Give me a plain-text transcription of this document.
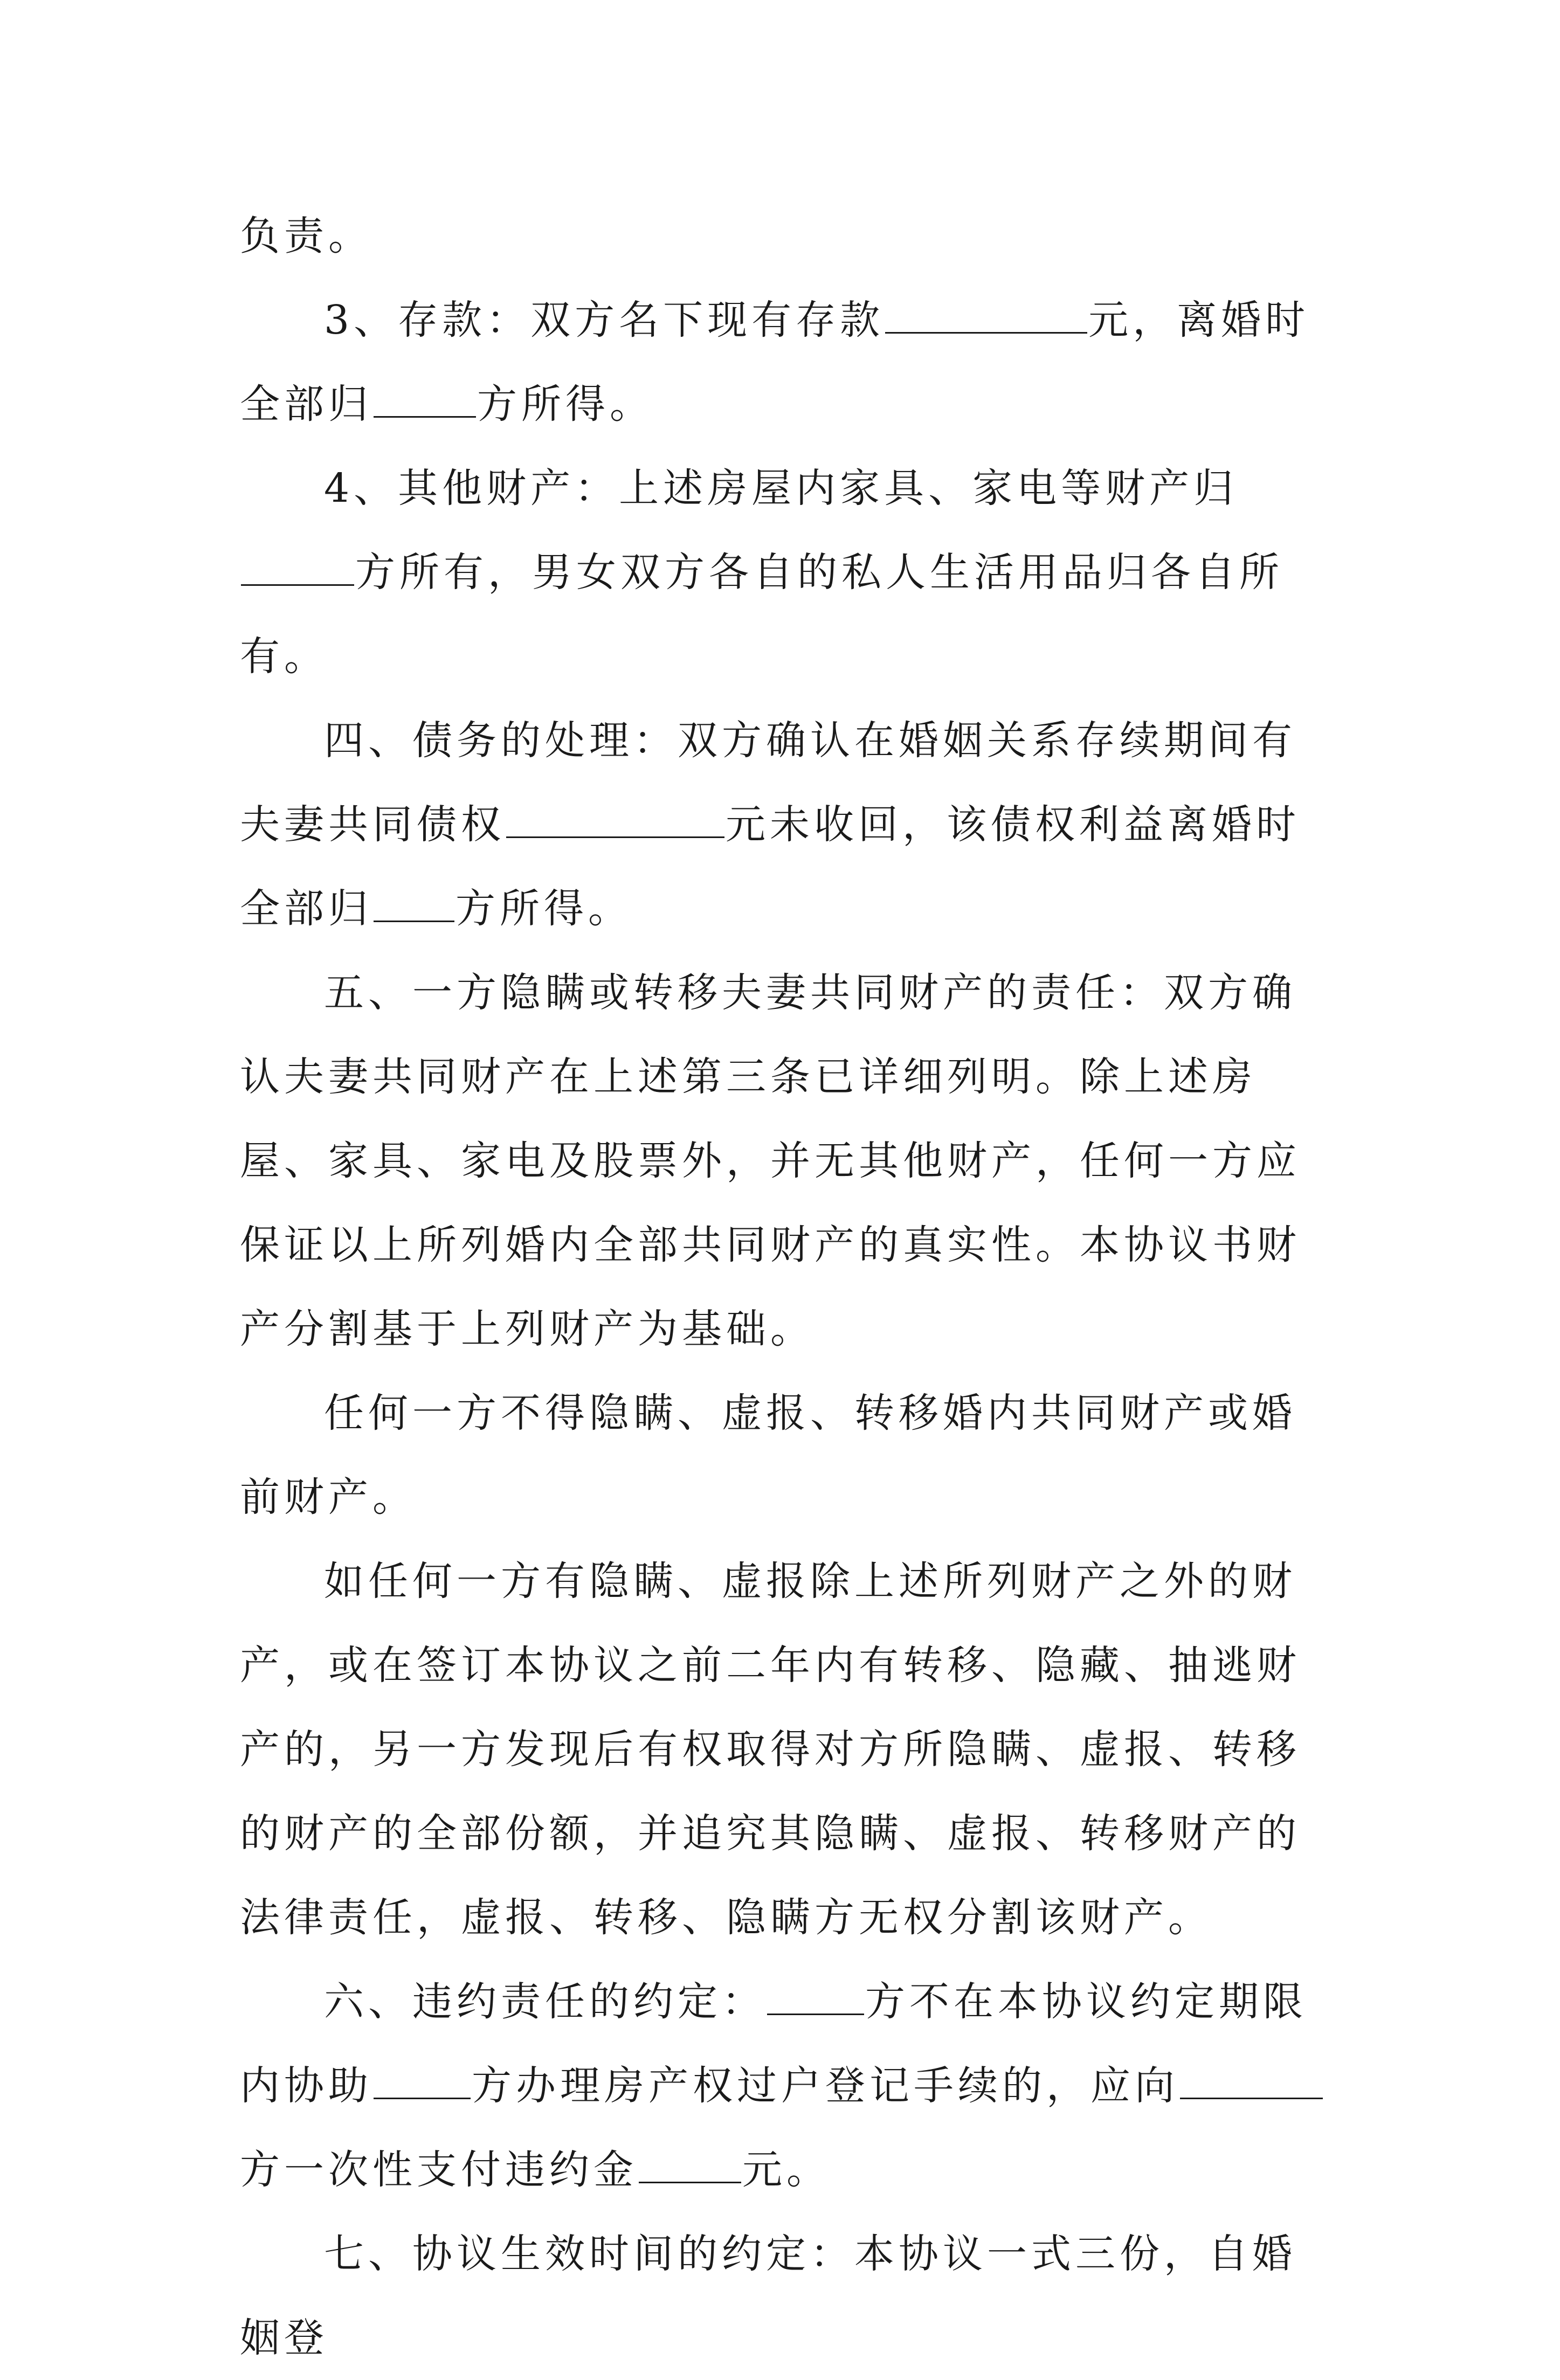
负责。

3、存款：双方名下现有存款	元，离婚时全部归	方所得。

4、其他财产：上述房屋内家具、家电等财产归方所有，男女双方各自的私人生活用品归各自所有。

四、债务的处理：双方确认在婚姻关系存续期间有夫妻共同债权	元未收回，该债权利益离婚时全部归 方所得。

五、一方隐瞒或转移夫妻共同财产的责任：双方确认夫妻共同财产在上述第三条已详细列明。除上述房屋、家具、家电及股票外，并无其他财产，任何一方应保证以上所列婚内全部共同财产的真实性。本协议书财产分割基于上列财产为基础。

任何一方不得隐瞒、虚报、转移婚内共同财产或婚前财产。

如任何一方有隐瞒、虚报除上述所列财产之外的财产，或在签订本协议之前二年内有转移、隐藏、抽逃财产的，另一方发现后有权取得对方所隐瞒、虚报、转移的财产的全部份额，并追究其隐瞒、虚报、转移财产的法律责任，虚报、转移、隐瞒方无权分割该财产。

六、违约责任的约定： 方不在本协议约定期限内协助 方办理房产权过户登记手续的，应向方一次性支付违约金	元。

七、协议生效时间的约定：本协议一式三份，自婚姻登
